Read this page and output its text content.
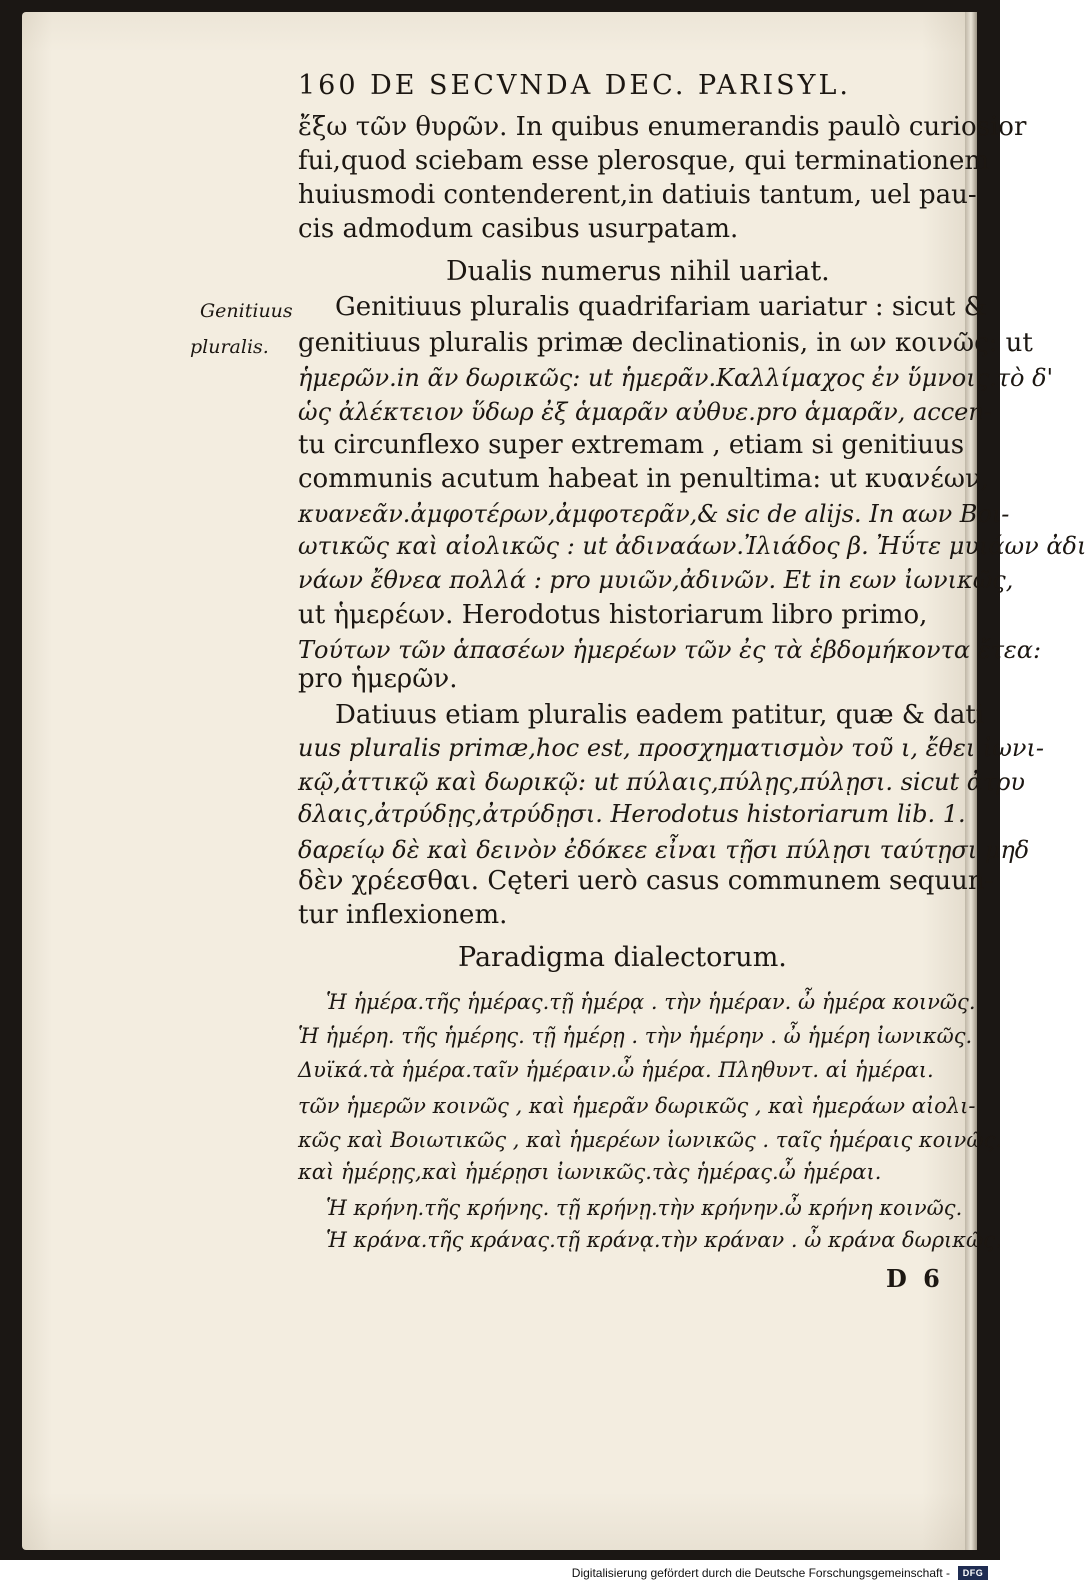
160 DE SECVNDA DEC. PARISYL.
ἔξω τῶν θυρῶν. In quibus enumerandis paulò curiosior
fui,quod sciebam esse plerosque, qui terminationem
huiusmodi contenderent,in datiuis tantum, uel pau-
cis admodum casibus usurpatam.
Dualis numerus nihil uariat.
Genitiuus
pluralis.
Genitiuus pluralis quadrifariam uariatur : sicut &
genitiuus pluralis primæ declinationis, in ων κοινῶς: ut
ἡμερῶν.in ᾶν δωρικῶς: ut ἡμερᾶν.Καλλίμαχος ἐν ὕμνοις.τὸ δ'
ὡς ἀλέκτειον ὕδωρ ἐξ ἁμαρᾶν αὐθυε.pro ἁμαρᾶν, accen-
tu circunflexo super extremam , etiam si genitiuus
communis acutum habeat in penultima: ut κυανέων,
κυανεᾶν.ἀμφοτέρων,ἀμφοτερᾶν,& sic de alijs. In αων Βοι-
ωτικῶς καὶ αἰολικῶς : ut ἀδιναάων.Ἰλιάδος β. Ἠΰτε μυιάων ἀδι
νάων ἔθνεα πολλά : pro μυιῶν,ἀδινῶν. Et in εων ἰωνικῶς,
ut ἡμερέων. Herodotus historiarum libro primo,
Τούτων τῶν ἁπασέων ἡμερέων τῶν ἐς τὰ ἑβδομήκοντα ἔτεα:
pro ἡμερῶν.
Datiuus etiam pluralis eadem patitur, quæ & dati
uus pluralis primæ,hoc est, προσχηματισμὸν τοῦ ι, ἔθει ἰωνι-
κῷ,ἀττικῷ καὶ δωρικῷ: ut πύλαις,πύλῃς,πύλῃσι. sicut ἀτρυ
δλαις,ἀτρύδῃς,ἀτρύδῃσι. Herodotus historiarum lib. 1.
δαρείῳ δὲ καὶ δεινὸν ἐδόκεε εἶναι τῇσι πύλῃσι ταύτῃσι μηδ
δὲν χρέεσθαι. Cęteri uerò casus communem sequun-
tur inflexionem.
Paradigma dialectorum.
Ἡ ἡμέρα.τῆς ἡμέρας.τῇ ἡμέρᾳ . τὴν ἡμέραν. ὦ ἡμέρα κοινῶς.
Ἡ ἡμέρη. τῆς ἡμέρης. τῇ ἡμέρῃ . τὴν ἡμέρην . ὦ ἡμέρη ἰωνικῶς.
Δυϊκά.τὰ ἡμέρα.ταῖν ἡμέραιν.ὦ ἡμέρα. Πληθυντ. αἱ ἡμέραι.
τῶν ἡμερῶν κοινῶς , καὶ ἡμερᾶν δωρικῶς , καὶ ἡμεράων αἰολι-
κῶς καὶ Βοιωτικῶς , καὶ ἡμερέων ἰωνικῶς . ταῖς ἡμέραις κοινῶς.
καὶ ἡμέρῃς,καὶ ἡμέρῃσι ἰωνικῶς.τὰς ἡμέρας.ὦ ἡμέραι.
Ἡ κρήνη.τῆς κρήνης. τῇ κρήνῃ.τὴν κρήνην.ὦ κρήνη κοινῶς.
Ἡ κράνα.τῆς κράνας.τῇ κράνᾳ.τὴν κράναν . ὦ κράνα δωρικῶς.
D 6
Digitalisierung gefördert durch die Deutsche Forschungsgemeinschaft -	DFG
